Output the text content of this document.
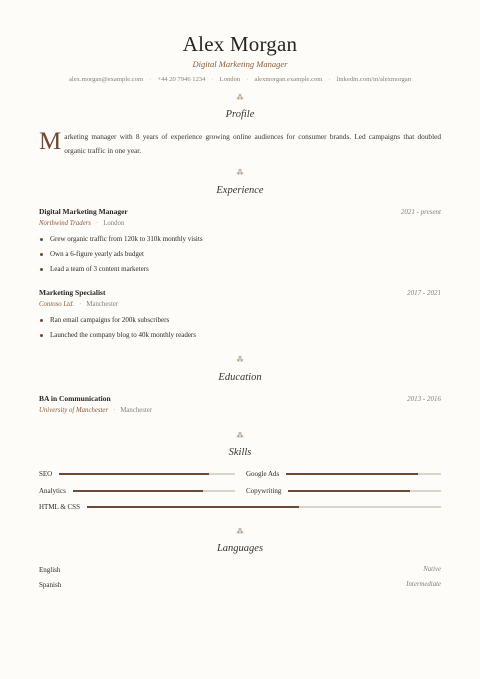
Alex Morgan
Digital Marketing Manager
alex.morgan@example.com · +44 20 7946 1234 · London · alexmorgan.example.com · linkedin.com/in/alexmorgan
⁂
Profile
Marketing manager with 8 years of experience growing online audiences for consumer brands. Led campaigns that doubled organic traffic in one year.
⁂
Experience
Digital Marketing Manager	2021 - present
Northwind Traders · London
Grew organic traffic from 120k to 310k monthly visits
Own a 6-figure yearly ads budget
Lead a team of 3 content marketers
Marketing Specialist	2017 - 2021
Contoso Ltd. · Manchester
Ran email campaigns for 200k subscribers
Launched the company blog to 40k monthly readers
⁂
Education
BA in Communication	2013 - 2016
University of Manchester · Manchester
⁂
Skills
SEO	Google Ads
Analytics	Copywriting
HTML & CSS
⁂
Languages
English	Native
Spanish	Intermediate
